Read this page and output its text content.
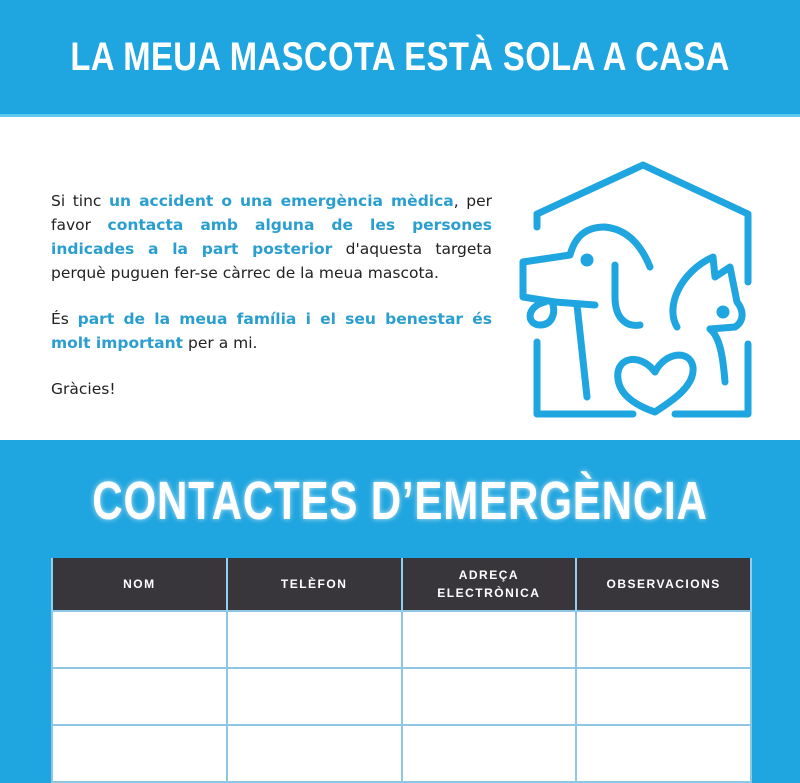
LA MEUA MASCOTA ESTÀ SOLA A CASA

Si tinc un accident o una emergència mèdica, per favor contacta amb alguna de les persones indicades a la part posterior d'aquesta targeta perquè puguen fer-se càrrec de la meua mascota.

És part de la meua família i el seu benestar és molt important per a mi.

Gràcies!

CONTACTES D’EMERGÈNCIA
NOM	TELÈFON	ADREÇA ELECTRÒNICA	OBSERVACIONS
